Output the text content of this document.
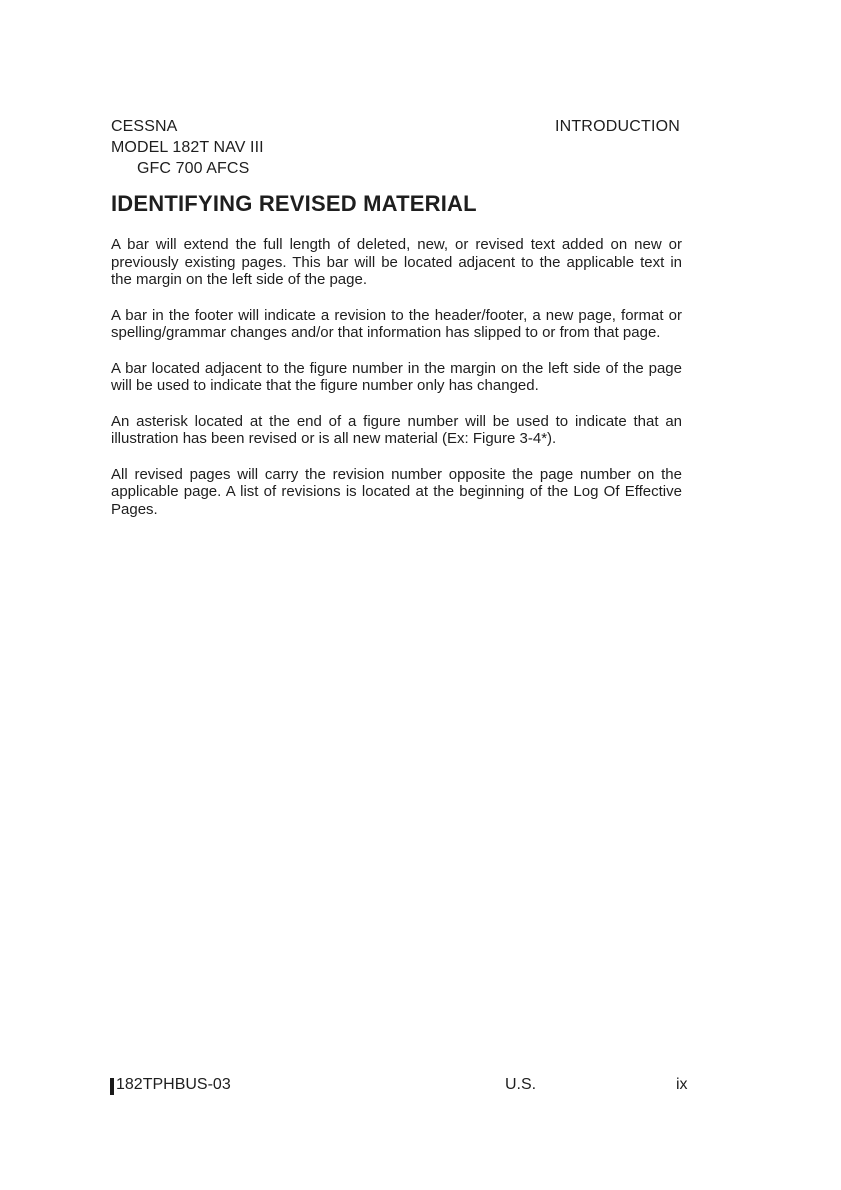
CESSNA
MODEL 182T NAV III
GFC 700 AFCS
INTRODUCTION
IDENTIFYING REVISED MATERIAL

A bar will extend the full length of deleted, new, or revised text added on new or previously existing pages. This bar will be located adjacent to the applicable text in the margin on the left side of the page.

A bar in the footer will indicate a revision to the header/footer, a new page, format or spelling/grammar changes and/or that information has slipped to or from that page.

A bar located adjacent to the figure number in the margin on the left side of the page will be used to indicate that the figure number only has changed.

An asterisk located at the end of a figure number will be used to indicate that an illustration has been revised or is all new material (Ex: Figure 3-4*).

All revised pages will carry the revision number opposite the page number on the applicable page. A list of revisions is located at the beginning of the Log Of Effective Pages.

182TPHBUS-03	U.S.	ix
